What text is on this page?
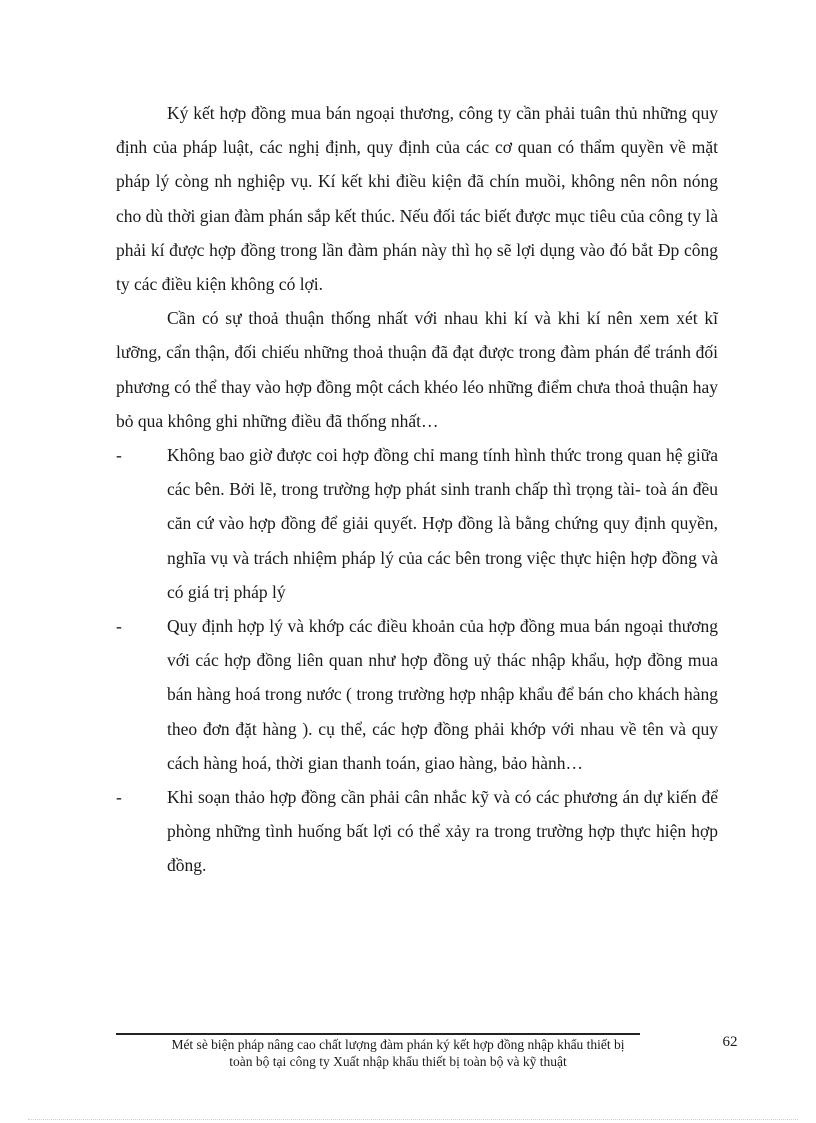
Ký kết hợp đồng mua bán ngoại thương, công ty cần phải tuân thủ những quy định của pháp luật, các nghị định, quy định của các cơ quan có thẩm quyền về mặt pháp lý còng nh nghiệp vụ. Kí kết khi điều kiện đã chín muồi, không nên nôn nóng cho dù thời gian đàm phán sắp kết thúc. Nếu đối tác biết được mục tiêu của công ty là phải kí được hợp đồng trong lần đàm phán này thì họ sẽ lợi dụng vào đó bắt Ðp công ty các điều kiện không có lợi.

Cần có sự thoả thuận thống nhất với nhau khi kí và khi kí nên xem xét kĩ lưỡng, cẩn thận, đối chiếu những thoả thuận đã đạt được trong đàm phán để tránh đối phương có thể thay vào hợp đồng một cách khéo léo những điểm chưa thoả thuận hay bỏ qua không ghi những điều đã thống nhất…

-	Không bao giờ được coi hợp đồng chỉ mang tính hình thức trong quan hệ giữa các bên. Bởi lẽ, trong trường hợp phát sinh tranh chấp thì trọng tài- toà án đều căn cứ vào hợp đồng để giải quyết. Hợp đồng là bằng chứng quy định quyền, nghĩa vụ và trách nhiệm pháp lý của các bên trong việc thực hiện hợp đồng và có giá trị pháp lý

-	Quy định hợp lý và khớp các điều khoản của hợp đồng mua bán ngoại thương với các hợp đồng liên quan như hợp đồng uỷ thác nhập khẩu, hợp đồng mua bán hàng hoá trong nước ( trong trường hợp nhập khẩu để bán cho khách hàng theo đơn đặt hàng ). cụ thể, các hợp đồng phải khớp với nhau về tên và quy cách hàng hoá, thời gian thanh toán, giao hàng, bảo hành…

-	Khi soạn thảo hợp đồng cần phải cân nhắc kỹ và có các phương án dự kiến để phòng những tình huống bất lợi có thể xảy ra trong trường hợp thực hiện hợp đồng.

Mét sè biện pháp nâng cao chất lượng đàm phán ký kết hợp đồng nhập khẩu thiết bị
toàn bộ tại công ty Xuất nhập khẩu thiết bị toàn bộ và kỹ thuật
62
